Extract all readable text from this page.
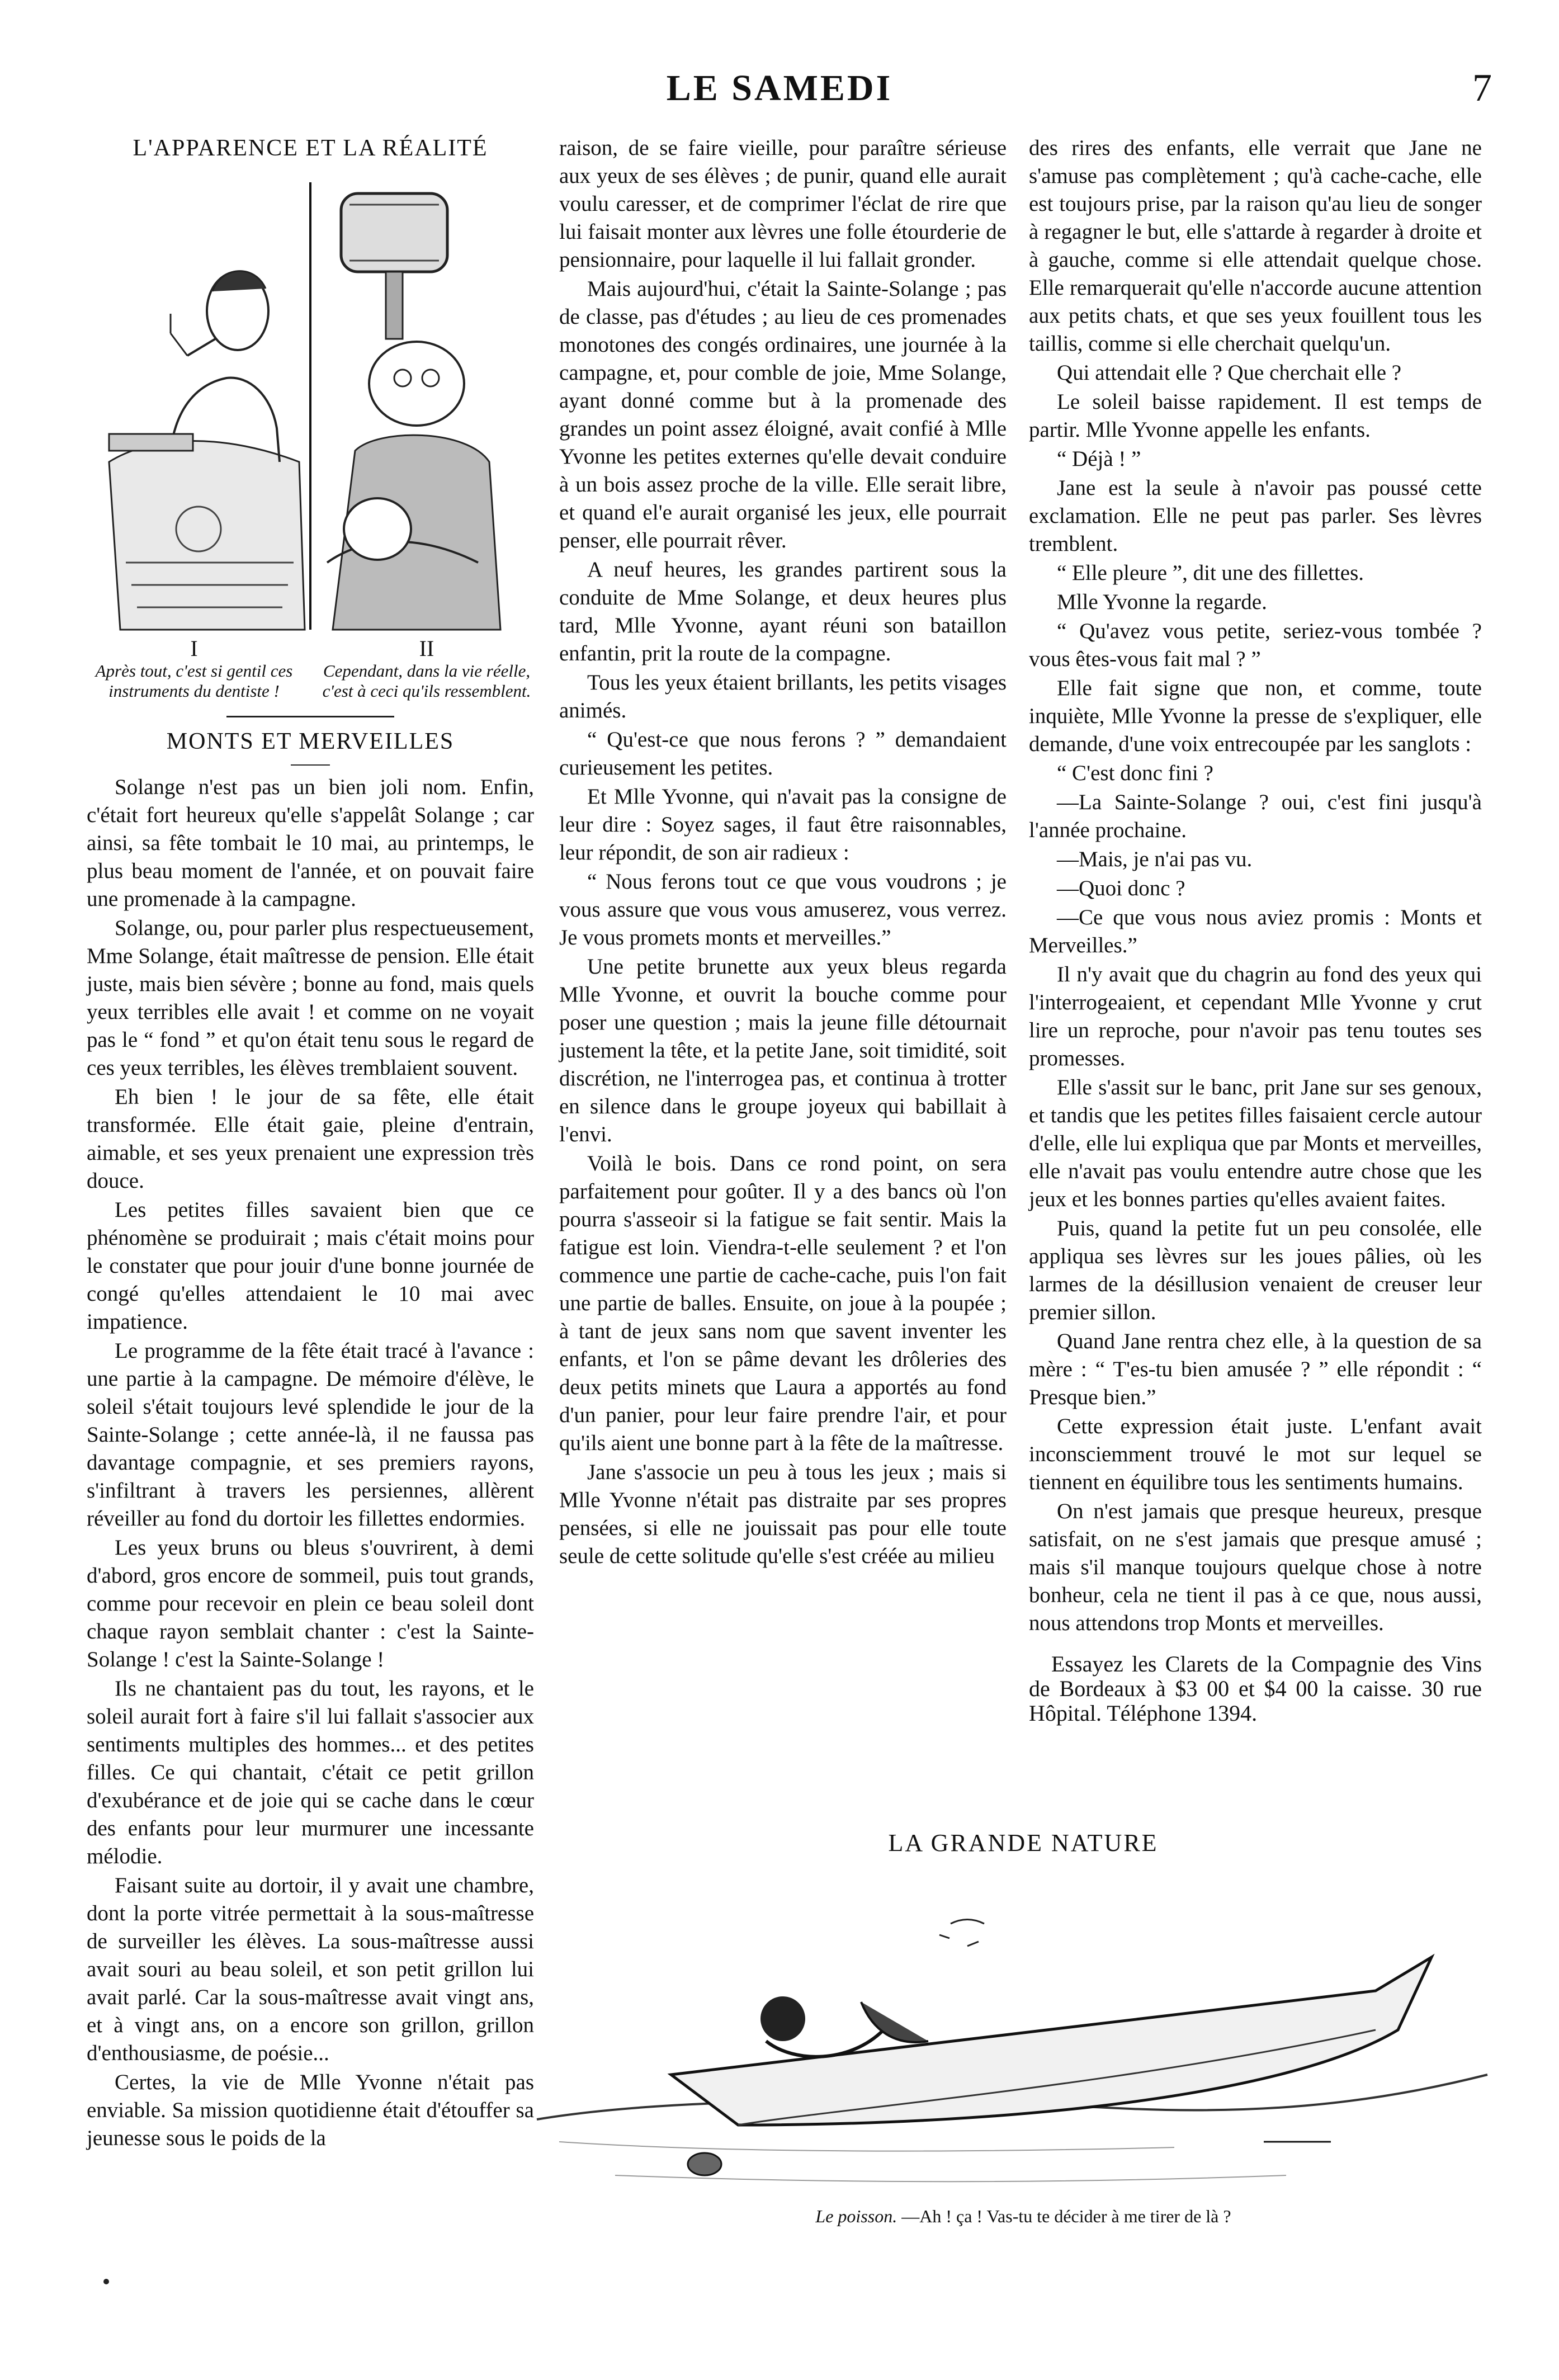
LE SAMEDI	7
L'APPARENCE ET LA RÉALITÉ
I
Après tout, c'est si gentil ces instruments du dentiste !
II
Cependant, dans la vie réelle, c'est à ceci qu'ils ressemblent.
MONTS ET MERVEILLES

Solange n'est pas un bien joli nom. Enfin, c'était fort heureux qu'elle s'appelât Solange ; car ainsi, sa fête tombait le 10 mai, au printemps, le plus beau moment de l'année, et on pouvait faire une promenade à la campagne.

Solange, ou, pour parler plus respectueusement, Mme Solange, était maîtresse de pension. Elle était juste, mais bien sévère ; bonne au fond, mais quels yeux terribles elle avait ! et comme on ne voyait pas le “ fond ” et qu'on était tenu sous le regard de ces yeux terribles, les élèves tremblaient souvent.

Eh bien ! le jour de sa fête, elle était transformée. Elle était gaie, pleine d'entrain, aimable, et ses yeux prenaient une expression très douce.

Les petites filles savaient bien que ce phénomène se produirait ; mais c'était moins pour le constater que pour jouir d'une bonne journée de congé qu'elles attendaient le 10 mai avec impatience.

Le programme de la fête était tracé à l'avance : une partie à la campagne. De mémoire d'élève, le soleil s'était toujours levé splendide le jour de la Sainte-Solange ; cette année-là, il ne faussa pas davantage compagnie, et ses premiers rayons, s'infiltrant à travers les persiennes, allèrent réveiller au fond du dortoir les fillettes endormies.

Les yeux bruns ou bleus s'ouvrirent, à demi d'abord, gros encore de sommeil, puis tout grands, comme pour recevoir en plein ce beau soleil dont chaque rayon semblait chanter : c'est la Sainte-Solange ! c'est la Sainte-Solange !

Ils ne chantaient pas du tout, les rayons, et le soleil aurait fort à faire s'il lui fallait s'associer aux sentiments multiples des hommes... et des petites filles. Ce qui chantait, c'était ce petit grillon d'exubérance et de joie qui se cache dans le cœur des enfants pour leur murmurer une incessante mélodie.

Faisant suite au dortoir, il y avait une chambre, dont la porte vitrée permettait à la sous-maîtresse de surveiller les élèves. La sous-maîtresse aussi avait souri au beau soleil, et son petit grillon lui avait parlé. Car la sous-maîtresse avait vingt ans, et à vingt ans, on a encore son grillon, grillon d'enthousiasme, de poésie...

Certes, la vie de Mlle Yvonne n'était pas enviable. Sa mission quotidienne était d'étouffer sa jeunesse sous le poids de la

raison, de se faire vieille, pour paraître sérieuse aux yeux de ses élèves ; de punir, quand elle aurait voulu caresser, et de comprimer l'éclat de rire que lui faisait monter aux lèvres une folle étourderie de pensionnaire, pour laquelle il lui fallait gronder.

Mais aujourd'hui, c'était la Sainte-Solange ; pas de classe, pas d'études ; au lieu de ces promenades monotones des congés ordinaires, une journée à la campagne, et, pour comble de joie, Mme Solange, ayant donné comme but à la promenade des grandes un point assez éloigné, avait confié à Mlle Yvonne les petites externes qu'elle devait conduire à un bois assez proche de la ville. Elle serait libre, et quand el'e aurait organisé les jeux, elle pourrait penser, elle pourrait rêver.

A neuf heures, les grandes partirent sous la conduite de Mme Solange, et deux heures plus tard, Mlle Yvonne, ayant réuni son bataillon enfantin, prit la route de la compagne.

Tous les yeux étaient brillants, les petits visages animés.

“ Qu'est-ce que nous ferons ? ” demandaient curieusement les petites.

Et Mlle Yvonne, qui n'avait pas la consigne de leur dire : Soyez sages, il faut être raisonnables, leur répondit, de son air radieux :

“ Nous ferons tout ce que vous voudrons ; je vous assure que vous vous amuserez, vous verrez. Je vous promets monts et merveilles.”

Une petite brunette aux yeux bleus regarda Mlle Yvonne, et ouvrit la bouche comme pour poser une question ; mais la jeune fille détournait justement la tête, et la petite Jane, soit timidité, soit discrétion, ne l'interrogea pas, et continua à trotter en silence dans le groupe joyeux qui babillait à l'envi.

Voilà le bois. Dans ce rond point, on sera parfaitement pour goûter. Il y a des bancs où l'on pourra s'asseoir si la fatigue se fait sentir. Mais la fatigue est loin. Viendra-t-elle seulement ? et l'on commence une partie de cache-cache, puis l'on fait une partie de balles. Ensuite, on joue à la poupée ; à tant de jeux sans nom que savent inventer les enfants, et l'on se pâme devant les drôleries des deux petits minets que Laura a apportés au fond d'un panier, pour leur faire prendre l'air, et pour qu'ils aient une bonne part à la fête de la maîtresse.

Jane s'associe un peu à tous les jeux ; mais si Mlle Yvonne n'était pas distraite par ses propres pensées, si elle ne jouissait pas pour elle toute seule de cette solitude qu'elle s'est créée au milieu

des rires des enfants, elle verrait que Jane ne s'amuse pas complètement ; qu'à cache-cache, elle est toujours prise, par la raison qu'au lieu de songer à regagner le but, elle s'attarde à regarder à droite et à gauche, comme si elle attendait quelque chose. Elle remarquerait qu'elle n'accorde aucune attention aux petits chats, et que ses yeux fouillent tous les taillis, comme si elle cherchait quelqu'un.

Qui attendait elle ? Que cherchait elle ?

Le soleil baisse rapidement. Il est temps de partir. Mlle Yvonne appelle les enfants.

“ Déjà ! ”

Jane est la seule à n'avoir pas poussé cette exclamation. Elle ne peut pas parler. Ses lèvres tremblent.

“ Elle pleure ”, dit une des fillettes.

Mlle Yvonne la regarde.

“ Qu'avez vous petite, seriez-vous tombée ? vous êtes-vous fait mal ? ”

Elle fait signe que non, et comme, toute inquiète, Mlle Yvonne la presse de s'expliquer, elle demande, d'une voix entrecoupée par les sanglots :

“ C'est donc fini ?

—La Sainte-Solange ? oui, c'est fini jusqu'à l'année prochaine.

—Mais, je n'ai pas vu.

—Quoi donc ?

—Ce que vous nous aviez promis : Monts et Merveilles.”

Il n'y avait que du chagrin au fond des yeux qui l'interrogeaient, et cependant Mlle Yvonne y crut lire un reproche, pour n'avoir pas tenu toutes ses promesses.

Elle s'assit sur le banc, prit Jane sur ses genoux, et tandis que les petites filles faisaient cercle autour d'elle, elle lui expliqua que par Monts et merveilles, elle n'avait pas voulu entendre autre chose que les jeux et les bonnes parties qu'elles avaient faites.

Puis, quand la petite fut un peu consolée, elle appliqua ses lèvres sur les joues pâlies, où les larmes de la désillusion venaient de creuser leur premier sillon.

Quand Jane rentra chez elle, à la question de sa mère : “ T'es-tu bien amusée ? ” elle répondit : “ Presque bien.”

Cette expression était juste. L'enfant avait inconsciemment trouvé le mot sur lequel se tiennent en équilibre tous les sentiments humains.

On n'est jamais que presque heureux, presque satisfait, on ne s'est jamais que presque amusé ; mais s'il manque toujours quelque chose à notre bonheur, cela ne tient il pas à ce que, nous aussi, nous attendons trop Monts et merveilles.

Essayez les Clarets de la Compagnie des Vins de Bordeaux à $3 00 et $4 00 la caisse. 30 rue Hôpital. Téléphone 1394.
LA GRANDE NATURE
Le poisson. —Ah ! ça ! Vas-tu te décider à me tirer de là ?
